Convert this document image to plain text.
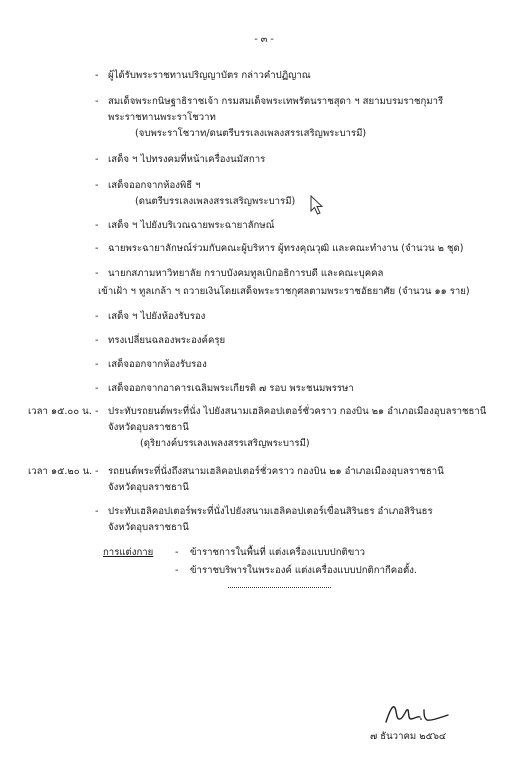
- ๓ -
- ผู้ได้รับพระราชทานปริญญาบัตร กล่าวคำปฏิญาณ
- สมเด็จพระกนิษฐาธิราชเจ้า กรมสมเด็จพระเทพรัตนราชสุดา ฯ สยามบรมราชกุมารี
พระราชทานพระราโชวาท
(จบพระราโชวาท/ดนตรีบรรเลงเพลงสรรเสริญพระบารมี)
- เสด็จ ฯ ไปทรงคมที่หน้าเครื่องนมัสการ
- เสด็จออกจากห้องพิธี ฯ
(ดนตรีบรรเลงเพลงสรรเสริญพระบารมี)
- เสด็จ ฯ ไปยังบริเวณฉายพระฉายาลักษณ์
- ฉายพระฉายาลักษณ์ร่วมกับคณะผู้บริหาร ผู้ทรงคุณวุฒิ และคณะทำงาน (จำนวน ๒ ชุด)
- นายกสภามหาวิทยาลัย กราบบังคมทูลเบิกอธิการบดี และคณะบุคคล
เข้าเฝ้า ฯ ทูลเกล้า ฯ ถวายเงินโดยเสด็จพระราชกุศลตามพระราชอัธยาศัย (จำนวน ๑๑ ราย)
- เสด็จ ฯ ไปยังห้องรับรอง
- ทรงเปลี่ยนฉลองพระองค์ครุย
- เสด็จออกจากห้องรับรอง
- เสด็จออกจากอาคารเฉลิมพระเกียรติ ๗ รอบ พระชนมพรรษา
เวลา ๑๕.๐๐ น. - ประทับรถยนต์พระที่นั่ง ไปยังสนามเฮลิคอปเตอร์ชั่วคราว กองบิน ๒๑ อำเภอเมืองอุบลราชธานี
จังหวัดอุบลราชธานี
(ดุริยางค์บรรเลงเพลงสรรเสริญพระบารมี)
เวลา ๑๕.๒๐ น. - รถยนต์พระที่นั่งถึงสนามเฮลิคอปเตอร์ชั่วคราว กองบิน ๒๑ อำเภอเมืองอุบลราชธานี
จังหวัดอุบลราชธานี
- ประทับเฮลิคอปเตอร์พระที่นั่งไปยังสนามเฮลิคอปเตอร์เขื่อนสิรินธร อำเภอสิรินธร
จังหวัดอุบลราชธานี
การแต่งกาย - ข้าราชการในพื้นที่ แต่งเครื่องแบบปกติขาว
- ข้าราชบริพารในพระองค์ แต่งเครื่องแบบปกติกากีคอตั้ง.
๗ ธันวาคม ๒๕๖๔
